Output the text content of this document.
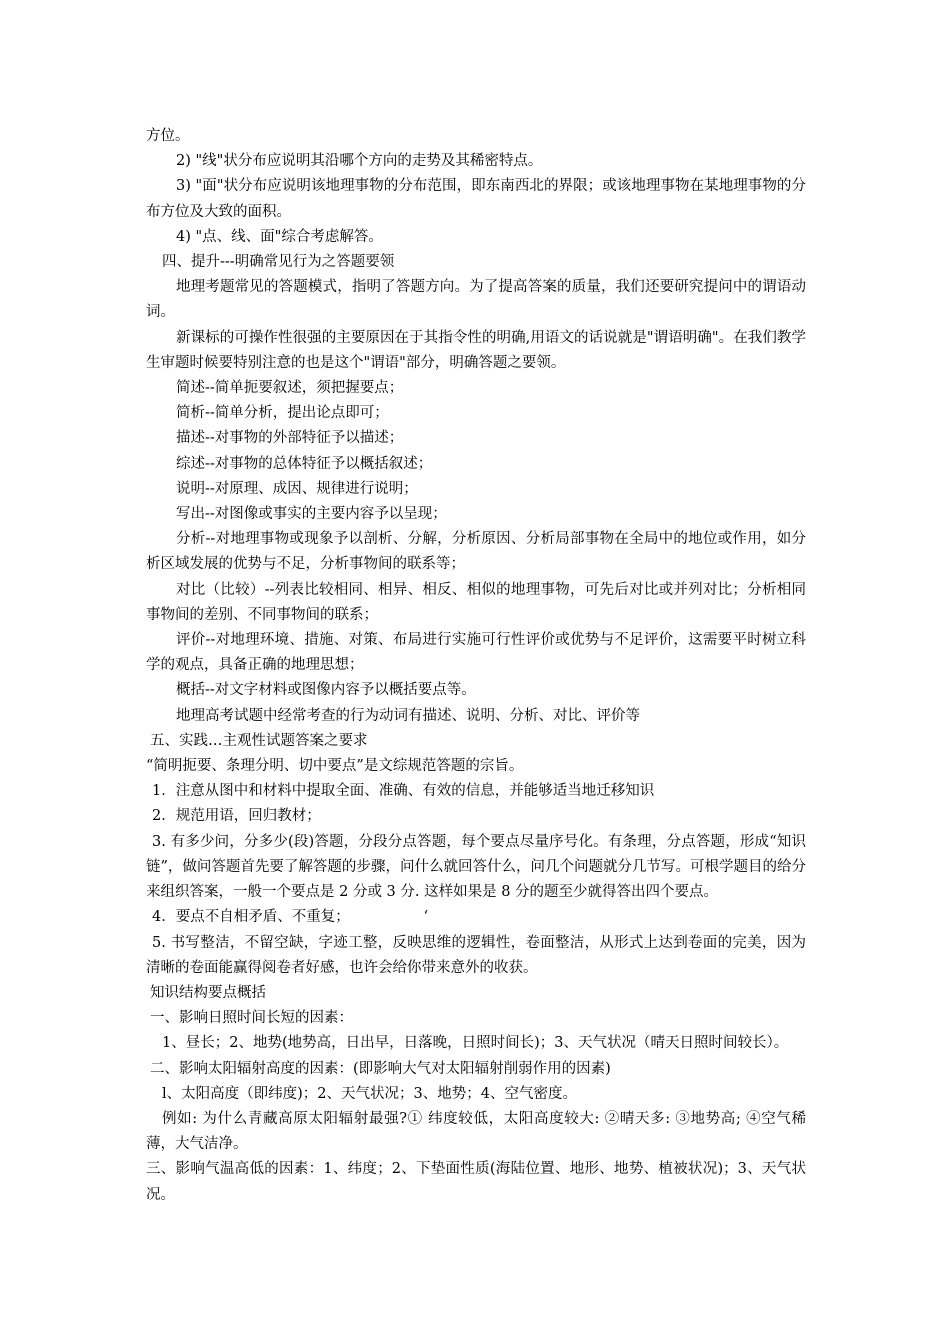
方位。

2) "线"状分布应说明其沿哪个方向的走势及其稀密特点。

3) "面"状分布应说明该地理事物的分布范围，即东南西北的界限；或该地理事物在某地理事物的分布方位及大致的面积。

4) "点、线、面"综合考虑解答。

四、提升---明确常见行为之答题要领

地理考题常见的答题模式，指明了答题方向。为了提高答案的质量，我们还要研究提问中的谓语动词。

新课标的可操作性很强的主要原因在于其指令性的明确,用语文的话说就是"谓语明确"。在我们教学生审题时候要特别注意的也是这个"谓语"部分，明确答题之要领。

简述--简单扼要叙述，须把握要点；

简析--简单分析，提出论点即可；

描述--对事物的外部特征予以描述；

综述--对事物的总体特征予以概括叙述；

说明--对原理、成因、规律进行说明；

写出--对图像或事实的主要内容予以呈现；

分析--对地理事物或现象予以剖析、分解，分析原因、分析局部事物在全局中的地位或作用，如分析区域发展的优势与不足，分析事物间的联系等；

对比（比较）--列表比较相同、相异、相反、相似的地理事物，可先后对比或并列对比；分析相同事物间的差别、不同事物间的联系；

评价--对地理环境、措施、对策、布局进行实施可行性评价或优势与不足评价，这需要平时树立科学的观点，具备正确的地理思想；

概括--对文字材料或图像内容予以概括要点等。

地理高考试题中经常考查的行为动词有描述、说明、分析、对比、评价等

五、实践…主观性试题答案之要求

“简明扼要、条理分明、切中要点”是文综规范答题的宗旨。

1．注意从图中和材料中提取全面、准确、有效的信息，并能够适当地迁移知识

2．规范用语，回归教材；

3. 有多少问，分多少(段)答题，分段分点答题，每个要点尽量序号化。有条理，分点答题，形成“知识链”，做问答题首先要了解答题的步骤，问什么就回答什么，问几个问题就分几节写。可根学题目的给分来组织答案，一般一个要点是 2 分或 3 分. 这样如果是 8 分的题至少就得答出四个要点。

4．要点不自相矛盾、不重复；                ‘

5. 书写整洁，不留空缺，字迹工整，反映思维的逻辑性，卷面整洁，从形式上达到卷面的完美，因为清晰的卷面能赢得阅卷者好感，也许会给你带来意外的收获。

知识结构要点概括

一、影响日照时间长短的因素：

1、昼长；2、地势(地势高，日出早，日落晚，日照时间长)；3、天气状况（晴天日照时间较长）。

二、影响太阳辐射高度的因素：(即影响大气对太阳辐射削弱作用的因素)

l、太阳高度（即纬度)；2、天气状况；3、地势；4、空气密度。

例如: 为什么青藏高原太阳辐射最强?① 纬度较低，太阳高度较大: ②晴天多: ③地势高; ④空气稀薄，大气洁净。

三、影响气温高低的因素：1、纬度；2、下垫面性质(海陆位置、地形、地势、植被状况)；3、天气状况。
